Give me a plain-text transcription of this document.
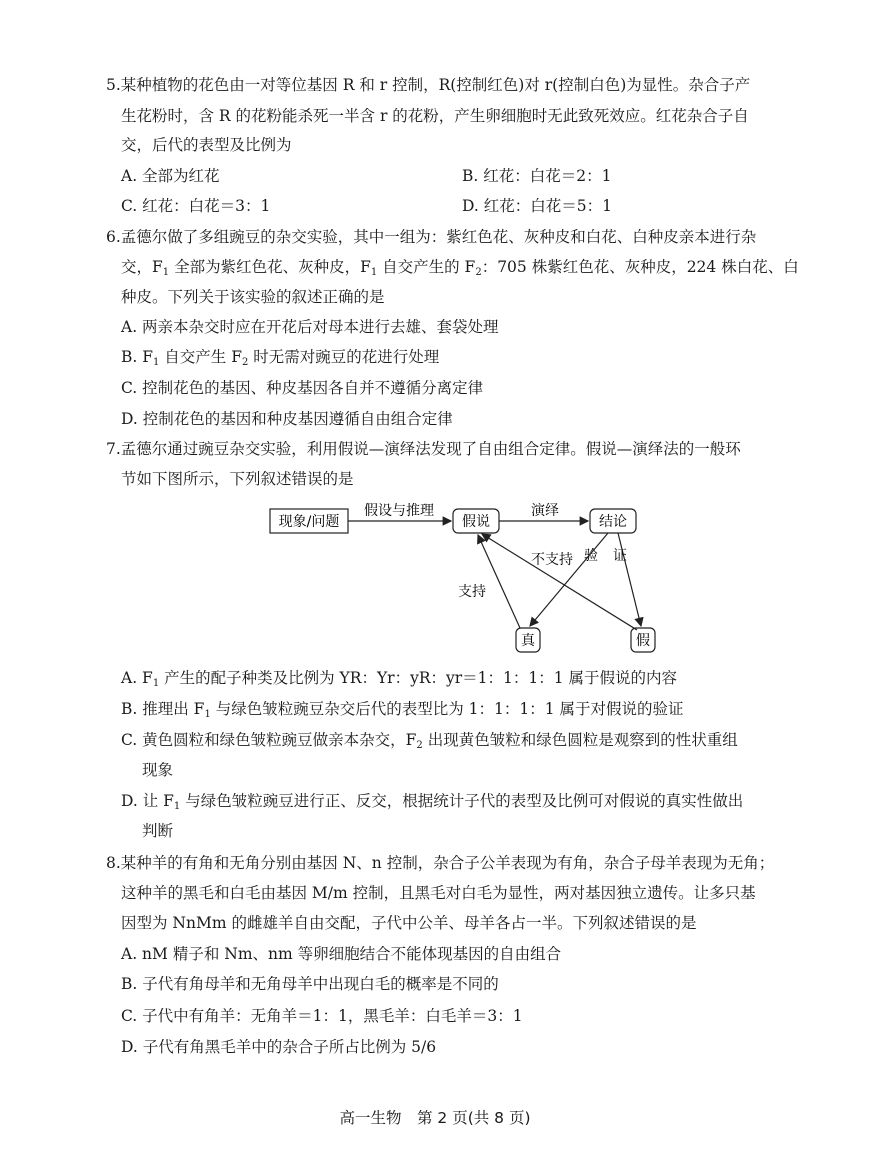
5.某种植物的花色由一对等位基因 R 和 r 控制，R(控制红色)对 r(控制白色)为显性。杂合子产
生花粉时，含 R 的花粉能杀死一半含 r 的花粉，产生卵细胞时无此致死效应。红花杂合子自
交，后代的表型及比例为
A. 全部为红花	B. 红花：白花＝2：1
C. 红花：白花＝3：1	D. 红花：白花＝5：1
6.孟德尔做了多组豌豆的杂交实验，其中一组为：紫红色花、灰种皮和白花、白种皮亲本进行杂
交，$F_1$ 全部为紫红色花、灰种皮，$F_1$ 自交产生的 $F_2$：705 株紫红色花、灰种皮，224 株白花、白
种皮。下列关于该实验的叙述正确的是
A. 两亲本杂交时应在开花后对母本进行去雄、套袋处理
B. $F_1$ 自交产生 $F_2$ 时无需对豌豆的花进行处理
C. 控制花色的基因、种皮基因各自并不遵循分离定律
D. 控制花色的基因和种皮基因遵循自由组合定律
7.孟德尔通过豌豆杂交实验，利用假说—演绎法发现了自由组合定律。假说—演绎法的一般环
节如下图所示，下列叙述错误的是
现象/问题	假说	结论
真	假
假设与推理	演绎
验 证
不支持
支持
A. $F_1$ 产生的配子种类及比例为 YR：Yr：yR：yr＝1：1：1：1 属于假说的内容
B. 推理出 $F_1$ 与绿色皱粒豌豆杂交后代的表型比为 1：1：1：1 属于对假说的验证
C. 黄色圆粒和绿色皱粒豌豆做亲本杂交，$F_2$ 出现黄色皱粒和绿色圆粒是观察到的性状重组
现象
D. 让 $F_1$ 与绿色皱粒豌豆进行正、反交，根据统计子代的表型及比例可对假说的真实性做出
判断
8.某种羊的有角和无角分别由基因 N、n 控制，杂合子公羊表现为有角，杂合子母羊表现为无角；
这种羊的黑毛和白毛由基因 M/m 控制，且黑毛对白毛为显性，两对基因独立遗传。让多只基
因型为 NnMm 的雌雄羊自由交配，子代中公羊、母羊各占一半。下列叙述错误的是
A. nM 精子和 Nm、nm 等卵细胞结合不能体现基因的自由组合
B. 子代有角母羊和无角母羊中出现白毛的概率是不同的
C. 子代中有角羊：无角羊＝1：1，黑毛羊：白毛羊＝3：1
D. 子代有角黑毛羊中的杂合子所占比例为 5/6
高一生物　第 2 页(共 8 页)
